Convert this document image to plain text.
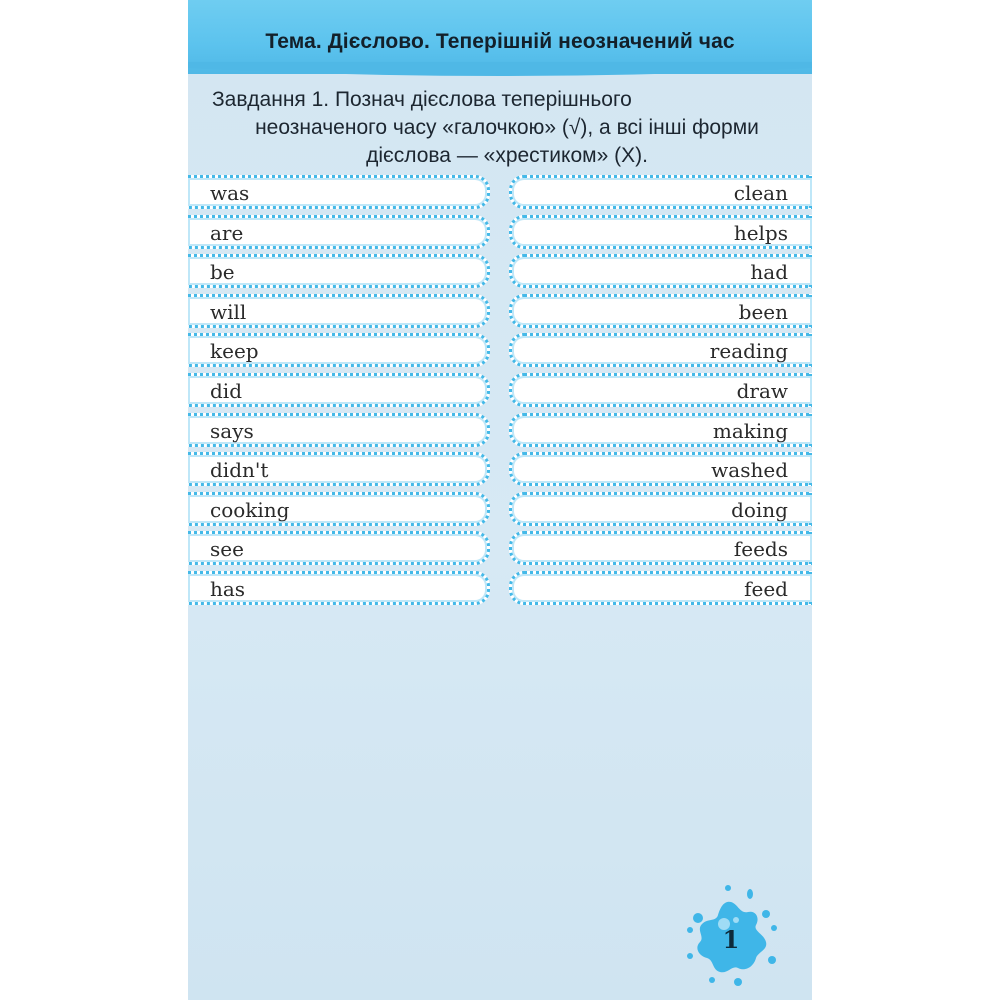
Тема. Дієслово. Теперішній неозначений час
Завдання 1. Познач дієслова теперішнього
неозначеного часу «галочкою» (√), а всі інші форми
дієслова — «хрестиком» (Х).
was	clean
are	helps
be	had
will	been
keep	reading
did	draw
says	making
didn't	washed
cooking	doing
see	feeds
has	feed
1
